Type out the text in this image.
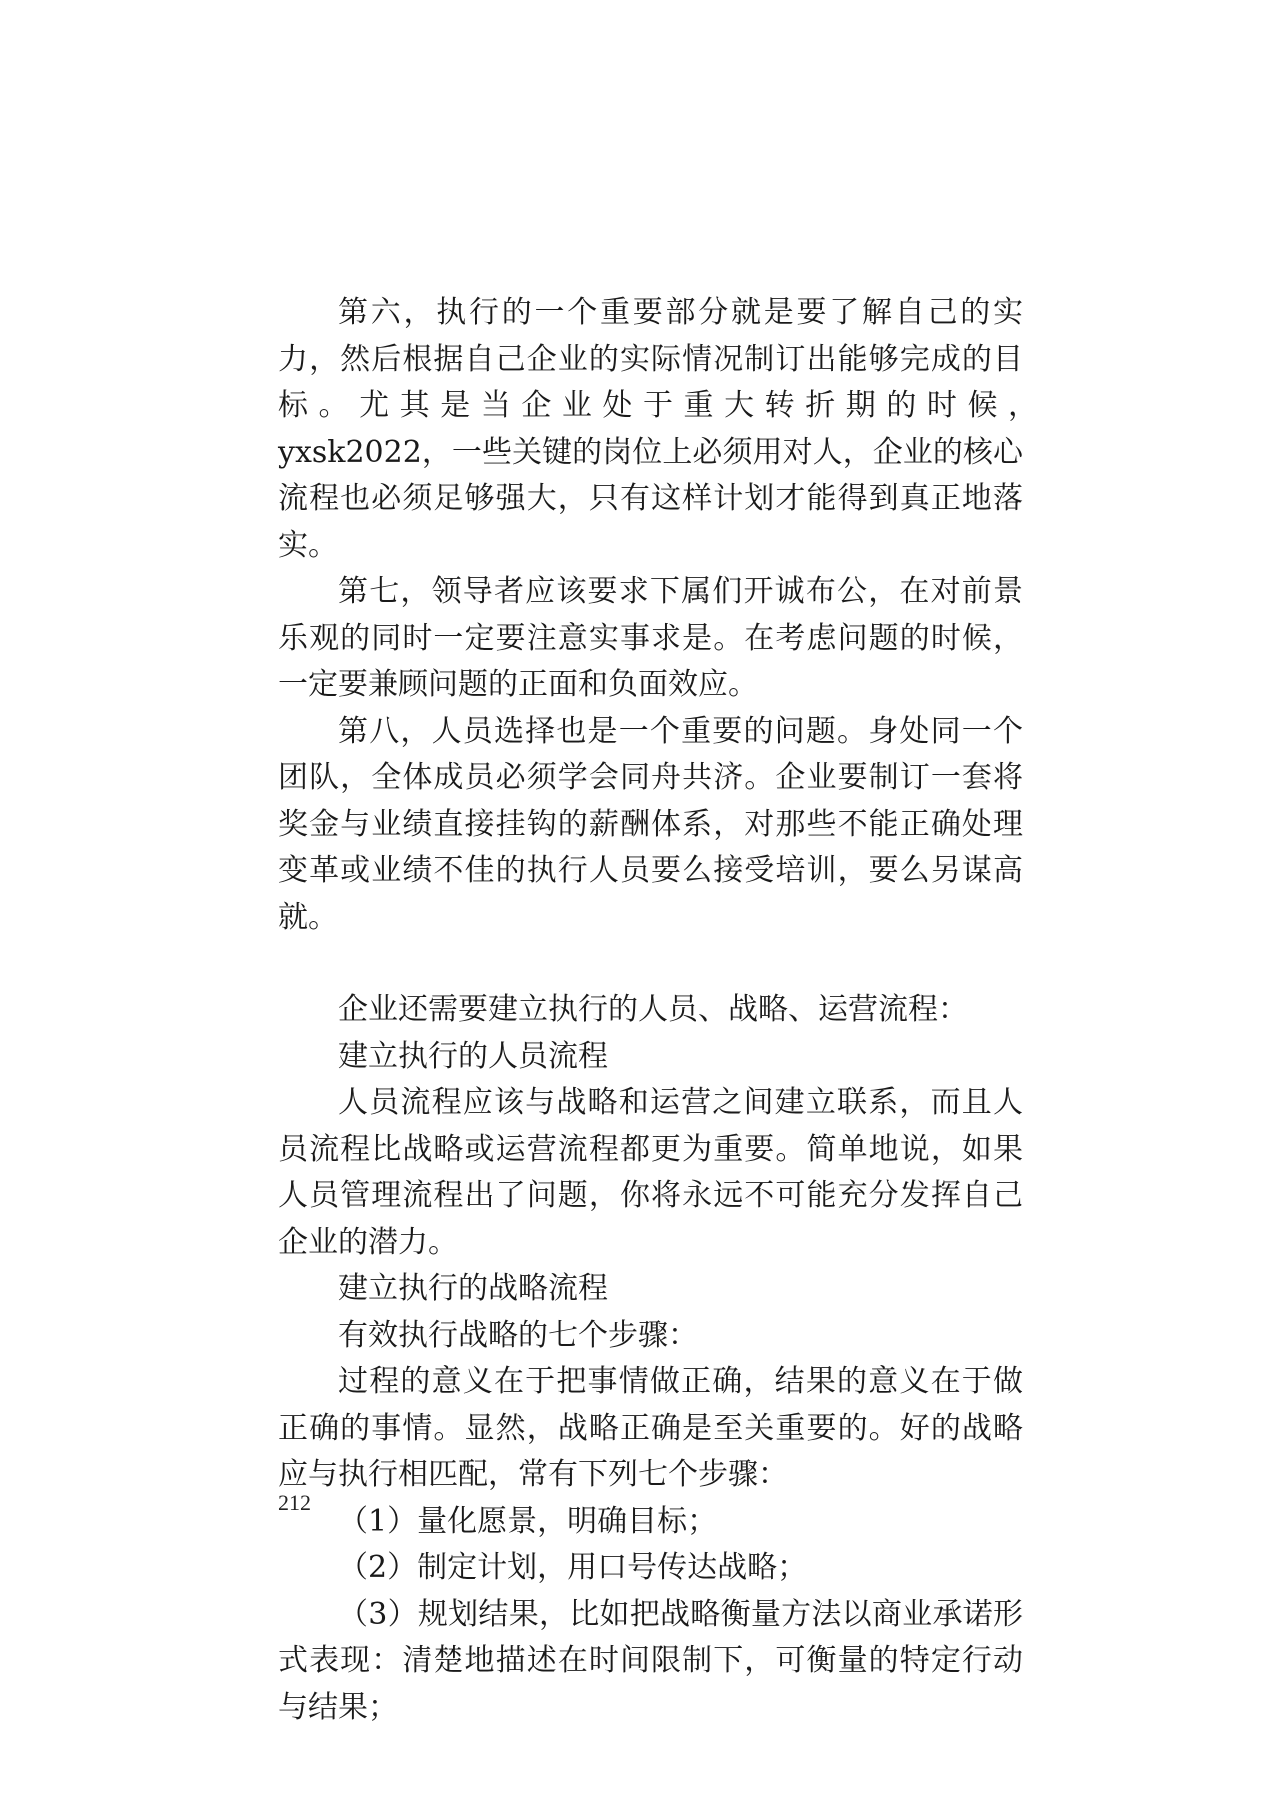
第六，执行的一个重要部分就是要了解自己的实力，然后根据自己企业的实际情况制订出能够完成的目标。尤其是当企业处于重大转折期的时候，　　　yxsk2022，一些关键的岗位上必须用对人，企业的核心流程也必须足够强大，只有这样计划才能得到真正地落实。

第七，领导者应该要求下属们开诚布公，在对前景乐观的同时一定要注意实事求是。在考虑问题的时候，一定要兼顾问题的正面和负面效应。

第八，人员选择也是一个重要的问题。身处同一个团队，全体成员必须学会同舟共济。企业要制订一套将奖金与业绩直接挂钩的薪酬体系，对那些不能正确处理变革或业绩不佳的执行人员要么接受培训，要么另谋高就。

企业还需要建立执行的人员、战略、运营流程：

建立执行的人员流程

人员流程应该与战略和运营之间建立联系，而且人员流程比战略或运营流程都更为重要。简单地说，如果人员管理流程出了问题，你将永远不可能充分发挥自己企业的潜力。

建立执行的战略流程

有效执行战略的七个步骤：

过程的意义在于把事情做正确，结果的意义在于做正确的事情。显然，战略正确是至关重要的。好的战略应与执行相匹配，常有下列七个步骤：

（1）量化愿景，明确目标；

（2）制定计划，用口号传达战略；

（3）规划结果，比如把战略衡量方法以商业承诺形式表现：清楚地描述在时间限制下，可衡量的特定行动与结果；

212
